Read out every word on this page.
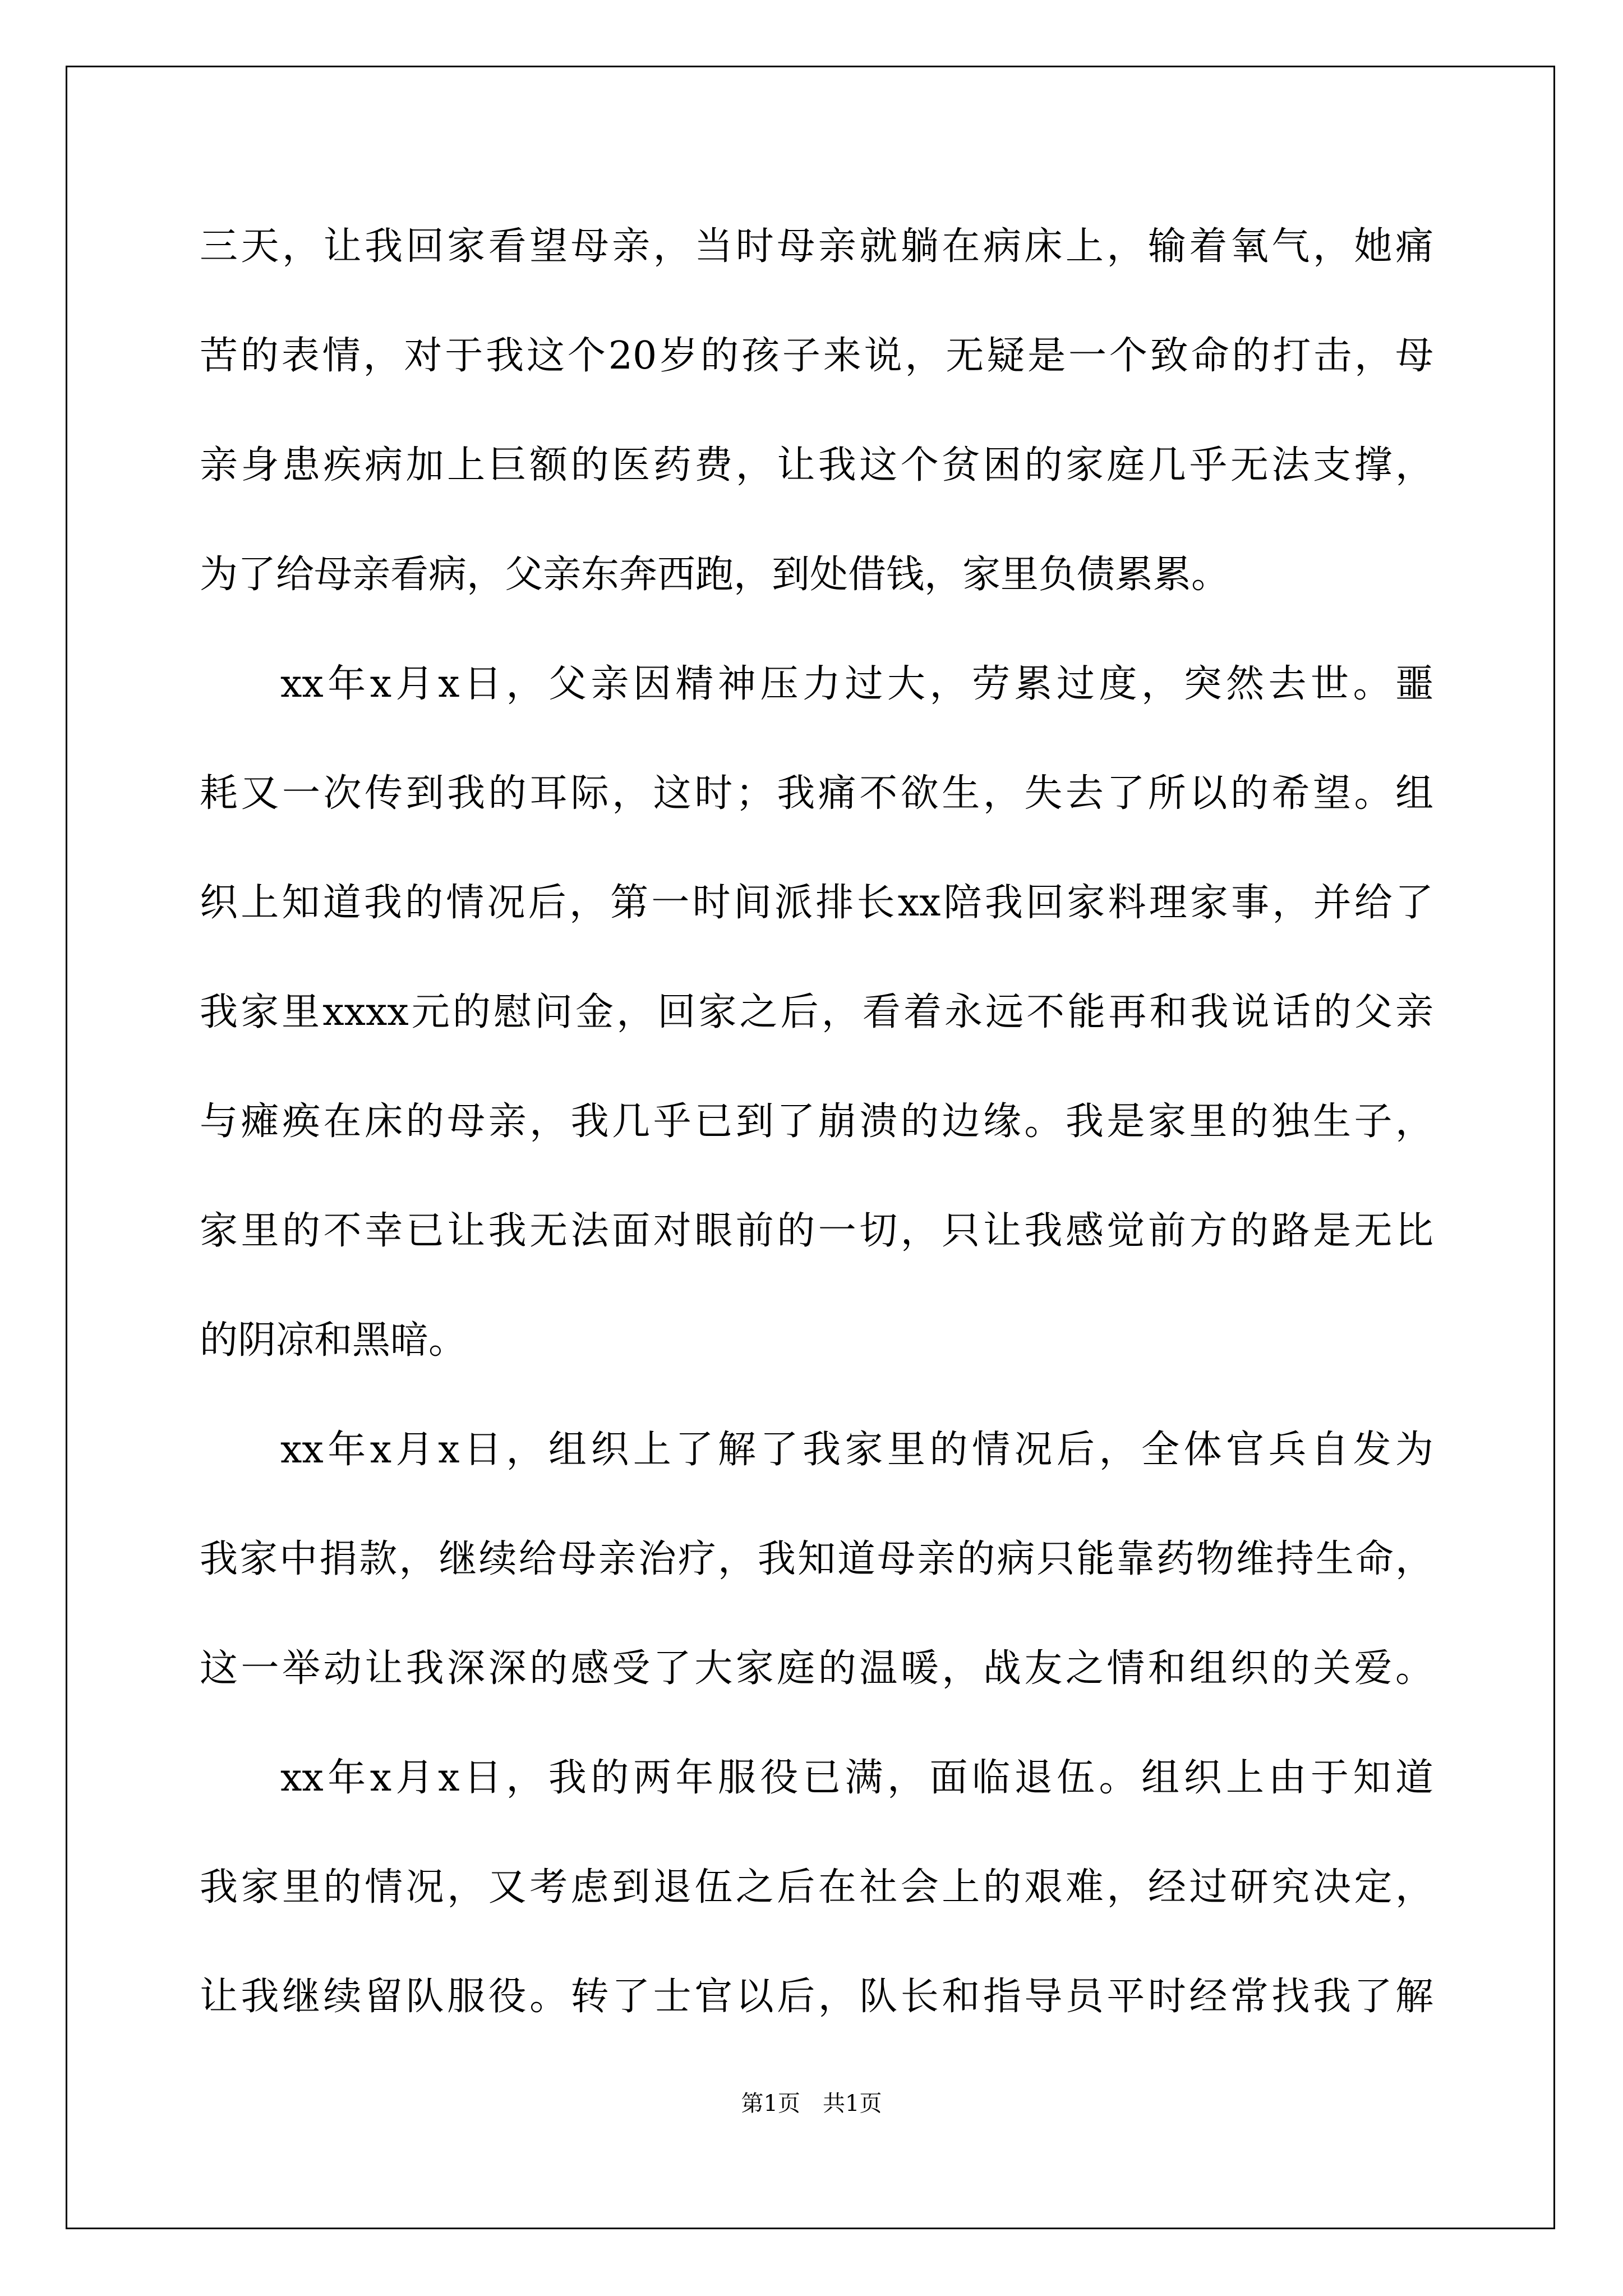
三天，让我回家看望母亲，当时母亲就躺在病床上，输着氧气，她痛
苦的表情，对于我这个20岁的孩子来说，无疑是一个致命的打击，母
亲身患疾病加上巨额的医药费，让我这个贫困的家庭几乎无法支撑，
为了给母亲看病，父亲东奔西跑，到处借钱，家里负债累累。
xx年x月x日，父亲因精神压力过大，劳累过度，突然去世。噩
耗又一次传到我的耳际，这时；我痛不欲生，失去了所以的希望。组
织上知道我的情况后，第一时间派排长xx陪我回家料理家事，并给了
我家里xxxx元的慰问金，回家之后，看着永远不能再和我说话的父亲
与瘫痪在床的母亲，我几乎已到了崩溃的边缘。我是家里的独生子，
家里的不幸已让我无法面对眼前的一切，只让我感觉前方的路是无比
的阴凉和黑暗。
xx年x月x日，组织上了解了我家里的情况后，全体官兵自发为
我家中捐款，继续给母亲治疗，我知道母亲的病只能靠药物维持生命，
这一举动让我深深的感受了大家庭的温暖，战友之情和组织的关爱。
xx年x月x日，我的两年服役已满，面临退伍。组织上由于知道
我家里的情况，又考虑到退伍之后在社会上的艰难，经过研究决定，
让我继续留队服役。转了士官以后，队长和指导员平时经常找我了解
第1页　共1页
